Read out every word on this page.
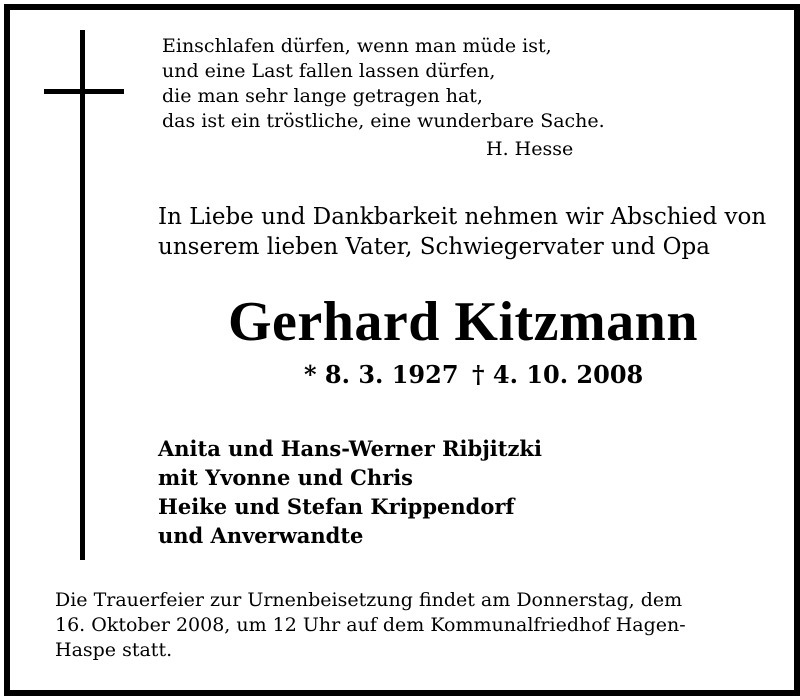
Einschlafen dürfen, wenn man müde ist,
und eine Last fallen lassen dürfen,
die man sehr lange getragen hat,
das ist ein tröstliche, eine wunderbare Sache.
H. Hesse
In Liebe und Dankbarkeit nehmen wir Abschied von
unserem lieben Vater, Schwiegervater und Opa
Gerhard Kitzmann
* 8. 3. 1927 † 4. 10. 2008
Anita und Hans-Werner Ribjitzki
mit Yvonne und Chris
Heike und Stefan Krippendorf
und Anverwandte
Die Trauerfeier zur Urnenbeisetzung findet am Donnerstag, dem
16. Oktober 2008, um 12 Uhr auf dem Kommunalfriedhof Hagen-
Haspe statt.
